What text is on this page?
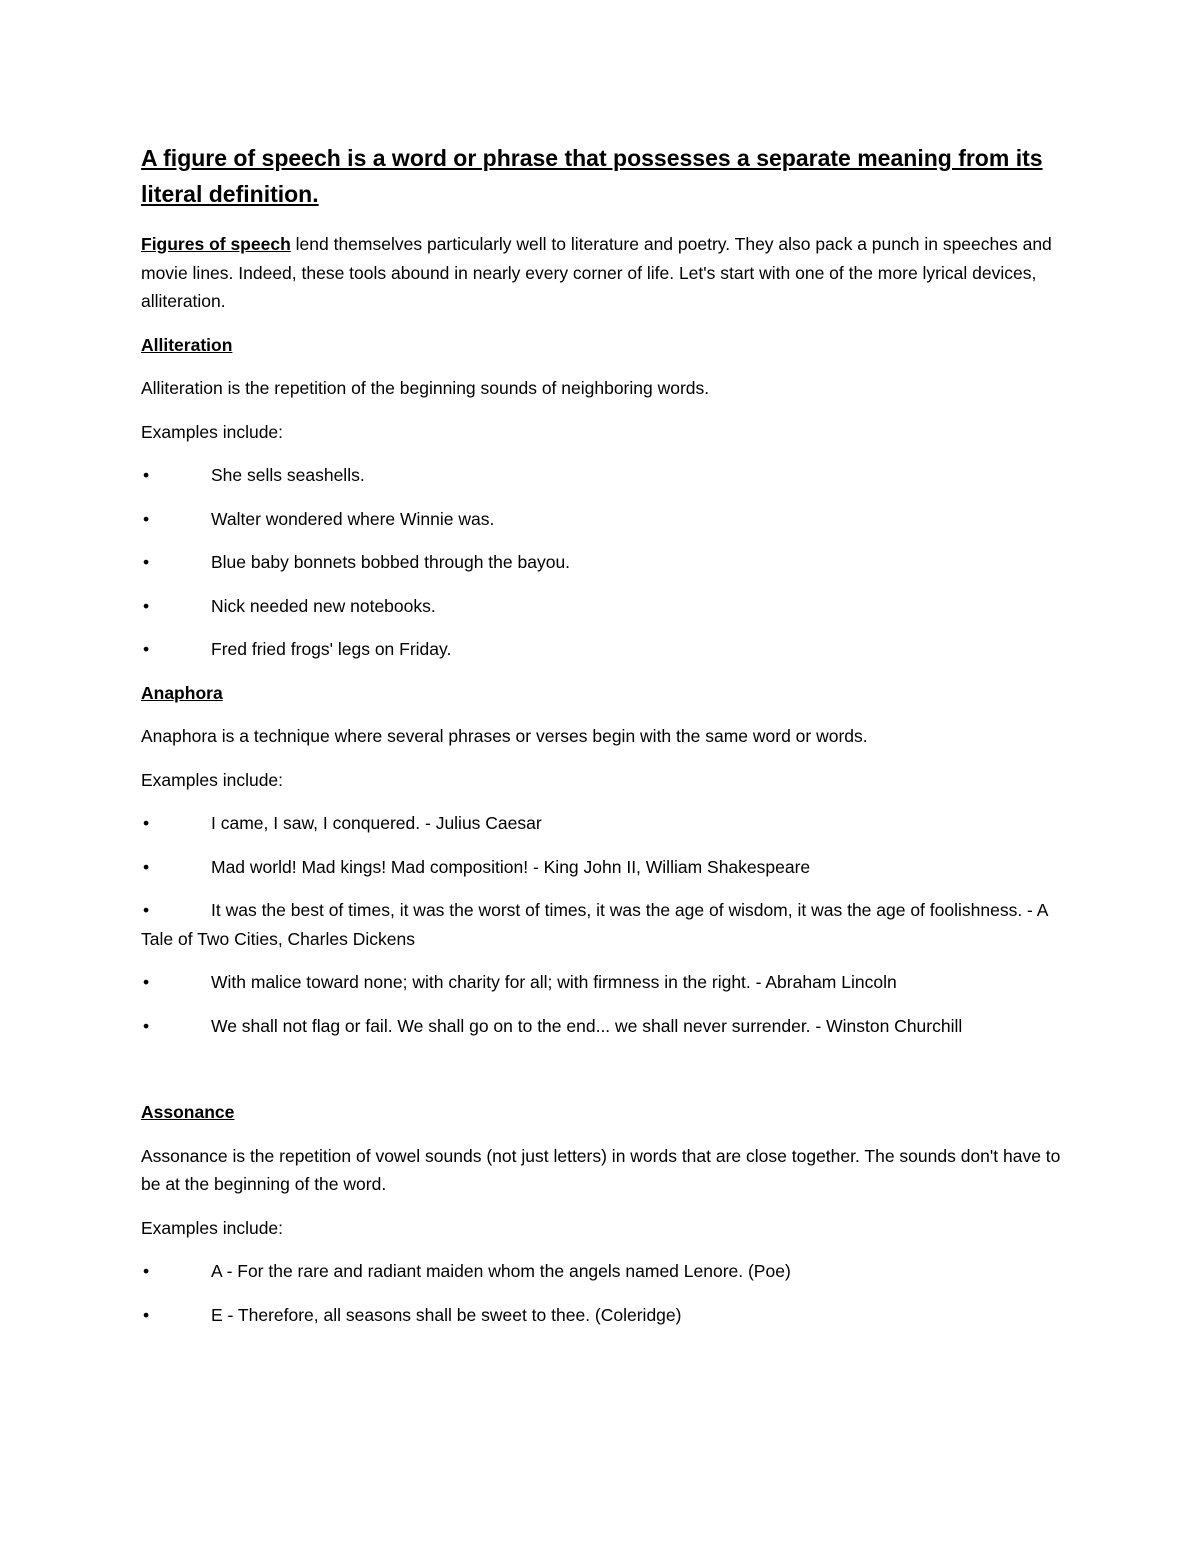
A figure of speech is a word or phrase that possesses a separate meaning from its literal definition.

Figures of speech lend themselves particularly well to literature and poetry. They also pack a punch in speeches and movie lines. Indeed, these tools abound in nearly every corner of life. Let's start with one of the more lyrical devices, alliteration.

Alliteration

Alliteration is the repetition of the beginning sounds of neighboring words.

Examples include:

•	She sells seashells.

•	Walter wondered where Winnie was.

•	Blue baby bonnets bobbed through the bayou.

•	Nick needed new notebooks.

•	Fred fried frogs' legs on Friday.

Anaphora

Anaphora is a technique where several phrases or verses begin with the same word or words.

Examples include:

•	I came, I saw, I conquered. - Julius Caesar

•	Mad world! Mad kings! Mad composition! - King John II, William Shakespeare

•	It was the best of times, it was the worst of times, it was the age of wisdom, it was the age of foolishness. - A Tale of Two Cities, Charles Dickens

•	With malice toward none; with charity for all; with firmness in the right. - Abraham Lincoln

•	We shall not flag or fail. We shall go on to the end... we shall never surrender. - Winston Churchill

Assonance

Assonance is the repetition of vowel sounds (not just letters) in words that are close together. The sounds don't have to be at the beginning of the word.

Examples include:

•	A - For the rare and radiant maiden whom the angels named Lenore. (Poe)

•	E - Therefore, all seasons shall be sweet to thee. (Coleridge)
